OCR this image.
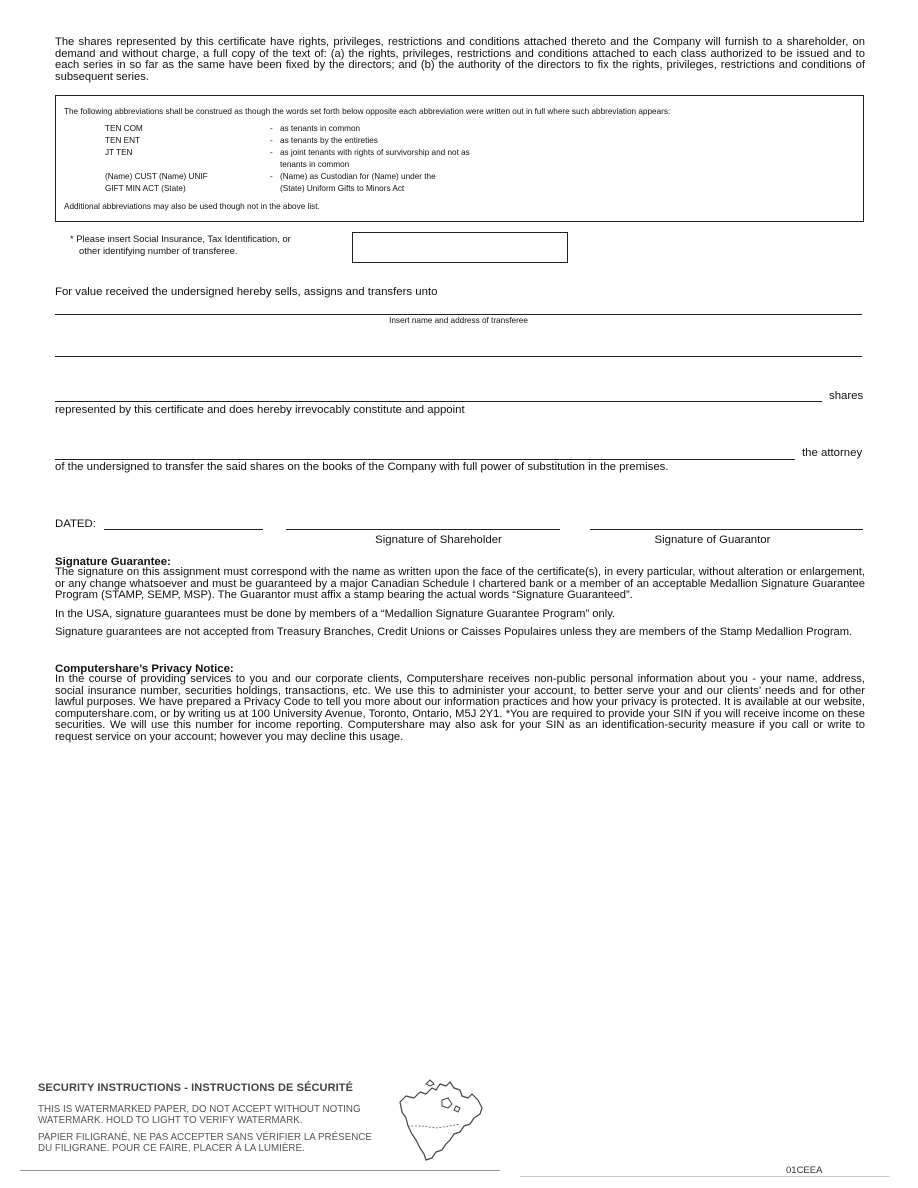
The shares represented by this certificate have rights, privileges, restrictions and conditions attached thereto and the Company will furnish to a shareholder, on demand and without charge, a full copy of the text of: (a) the rights, privileges, restrictions and conditions attached to each class authorized to be issued and to each series in so far as the same have been fixed by the directors; and (b) the authority of the directors to fix the rights, privileges, restrictions and conditions of subsequent series.
The following abbreviations shall be construed as though the words set forth below opposite each abbreviation were written out in full where such abbreviation appears:
TEN COM	- as tenants in common
TEN ENT	- as tenants by the entireties
JT TEN	- as joint tenants with rights of survivorship and not as
tenants in common
(Name) CUST (Name) UNIF	- (Name) as Custodian for (Name) under the
GIFT MIN ACT (State)	(State) Uniform Gifts to Minors Act
Additional abbreviations may also be used though not in the above list.
* Please insert Social Insurance, Tax Identification, or
other identifying number of transferee.
For value received the undersigned hereby sells, assigns and transfers unto
Insert name and address of transferee
shares
represented by this certificate and does hereby irrevocably constitute and appoint
the attorney
of the undersigned to transfer the said shares on the books of the Company with full power of substitution in the premises.
DATED:
Signature of Shareholder	Signature of Guarantor
Signature Guarantee:
The signature on this assignment must correspond with the name as written upon the face of the certificate(s), in every particular, without alteration or enlargement, or any change whatsoever and must be guaranteed by a major Canadian Schedule I chartered bank or a member of an acceptable Medallion Signature Guarantee Program (STAMP, SEMP, MSP). The Guarantor must affix a stamp bearing the actual words “Signature Guaranteed”.
In the USA, signature guarantees must be done by members of a “Medallion Signature Guarantee Program” only.
Signature guarantees are not accepted from Treasury Branches, Credit Unions or Caisses Populaires unless they are members of the Stamp Medallion Program.
Computershare’s Privacy Notice:
In the course of providing services to you and our corporate clients, Computershare receives non-public personal information about you - your name, address, social insurance number, securities holdings, transactions, etc. We use this to administer your account, to better serve your and our clients’ needs and for other lawful purposes. We have prepared a Privacy Code to tell you more about our information practices and how your privacy is protected. It is available at our website, computershare.com, or by writing us at 100 University Avenue, Toronto, Ontario, M5J 2Y1. *You are required to provide your SIN if you will receive income on these securities. We will use this number for income reporting. Computershare may also ask for your SIN as an identification-security measure if you call or write to request service on your account; however you may decline this usage.
SECURITY INSTRUCTIONS - INSTRUCTIONS DE SÉCURITÉ
THIS IS WATERMARKED PAPER, DO NOT ACCEPT WITHOUT NOTING
WATERMARK. HOLD TO LIGHT TO VERIFY WATERMARK.
PAPIER FILIGRANÉ, NE PAS ACCEPTER SANS VÉRIFIER LA PRÉSENCE
DU FILIGRANE. POUR CE FAIRE, PLACER À LA LUMIÈRE.
01CEEA
